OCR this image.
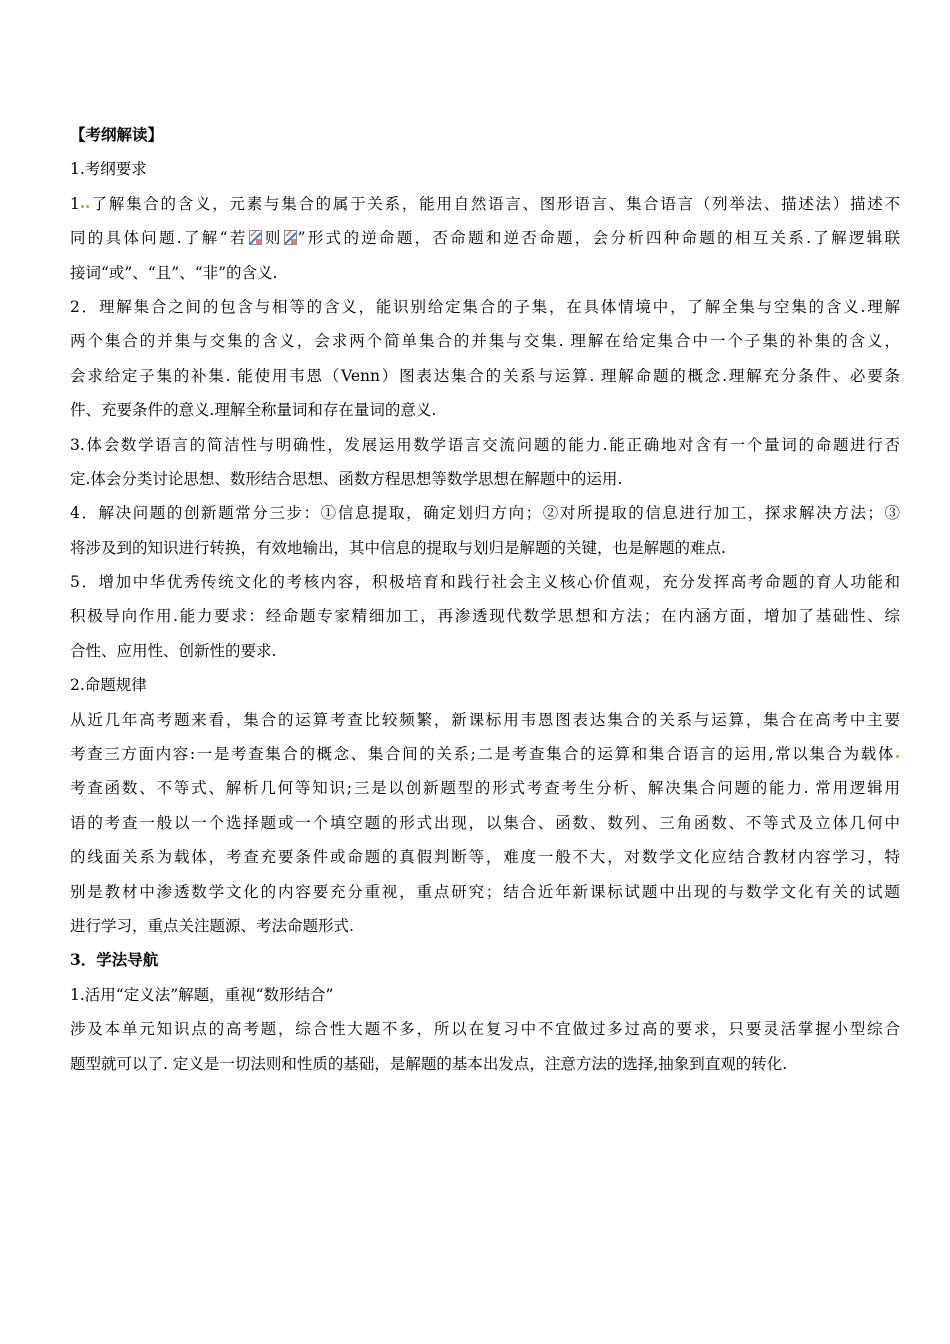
【考纲解读】
1.考纲要求
1 了解集合的含义，元素与集合的属于关系，能用自然语言、图形语言、集合语言（列举法、描述法）描述不
同的具体问题.了解“若 则 ”形式的逆命题，否命题和逆否命题，会分析四种命题的相互关系.了解逻辑联
接词“或”、“且”、“非”的含义.
2．理解集合之间的包含与相等的含义，能识别给定集合的子集，在具体情境中，了解全集与空集的含义.理解
两个集合的并集与交集的含义，会求两个简单集合的并集与交集. 理解在给定集合中一个子集的补集的含义，
会求给定子集的补集. 能使用韦恩（Venn）图表达集合的关系与运算. 理解命题的概念.理解充分条件、必要条
件、充要条件的意义.理解全称量词和存在量词的意义.
3.体会数学语言的简洁性与明确性，发展运用数学语言交流问题的能力.能正确地对含有一个量词的命题进行否
定.体会分类讨论思想、数形结合思想、函数方程思想等数学思想在解题中的运用.
4．解决问题的创新题常分三步：①信息提取，确定划归方向；②对所提取的信息进行加工，探求解决方法；③
将涉及到的知识进行转换，有效地输出，其中信息的提取与划归是解题的关键，也是解题的难点.
5．增加中华优秀传统文化的考核内容，积极培育和践行社会主义核心价值观，充分发挥高考命题的育人功能和
积极导向作用.能力要求：经命题专家精细加工，再渗透现代数学思想和方法；在内涵方面，增加了基础性、综
合性、应用性、创新性的要求.
2.命题规律
从近几年高考题来看，集合的运算考查比较频繁，新课标用韦恩图表达集合的关系与运算，集合在高考中主要
考查三方面内容:一是考查集合的概念、集合间的关系;二是考查集合的运算和集合语言的运用,常以集合为载体
考查函数、不等式、解析几何等知识;三是以创新题型的形式考查考生分析、解决集合问题的能力. 常用逻辑用
语的考查一般以一个选择题或一个填空题的形式出现，以集合、函数、数列、三角函数、不等式及立体几何中
的线面关系为载体，考查充要条件或命题的真假判断等，难度一般不大，对数学文化应结合教材内容学习，特
别是教材中渗透数学文化的内容要充分重视，重点研究；结合近年新课标试题中出现的与数学文化有关的试题
进行学习，重点关注题源、考法命题形式.
3．学法导航
1.活用“定义法”解题，重视“数形结合”
涉及本单元知识点的高考题，综合性大题不多，所以在复习中不宜做过多过高的要求，只要灵活掌握小型综合
题型就可以了. 定义是一切法则和性质的基础，是解题的基本出发点，注意方法的选择,抽象到直观的转化.
